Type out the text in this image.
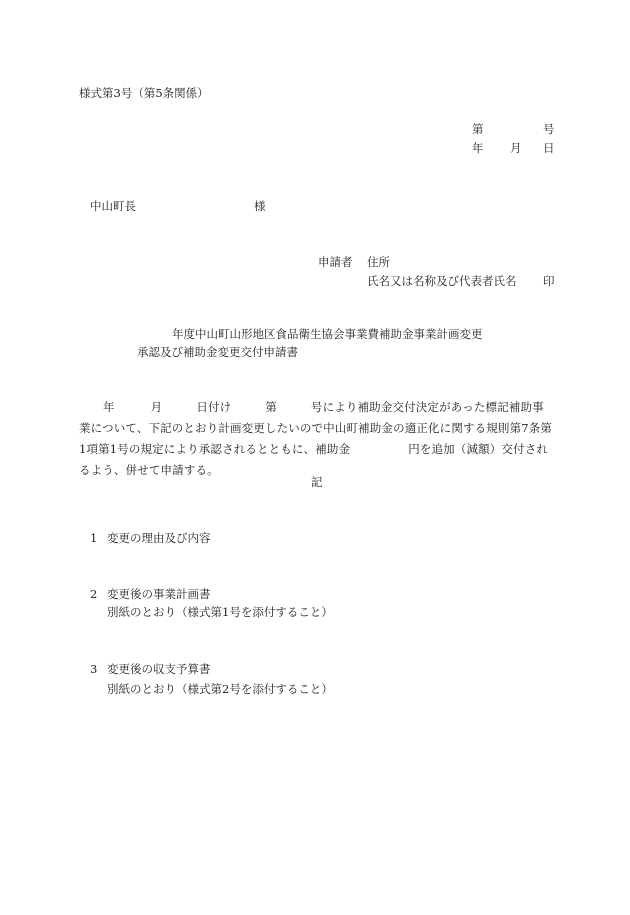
様式第3号（第5条関係）
第	号
年 月 日
中山町長	様
申請者 住所
氏名又は名称及び代表者氏名 印
年度中山町山形地区食品衛生協会事業費補助金事業計画変更
承認及び補助金変更交付申請書
年	月	日付け	第	号により補助金交付決定があった標記補助事
業について、下記のとおり計画変更したいので中山町補助金の適正化に関する規則第7条第
1項第1号の規定により承認されるとともに、補助金	円を追加（減額）交付され
るよう、併せて申請する。
記
1 変更の理由及び内容
2 変更後の事業計画書
別紙のとおり（様式第1号を添付すること）
3 変更後の収支予算書
別紙のとおり（様式第2号を添付すること）
